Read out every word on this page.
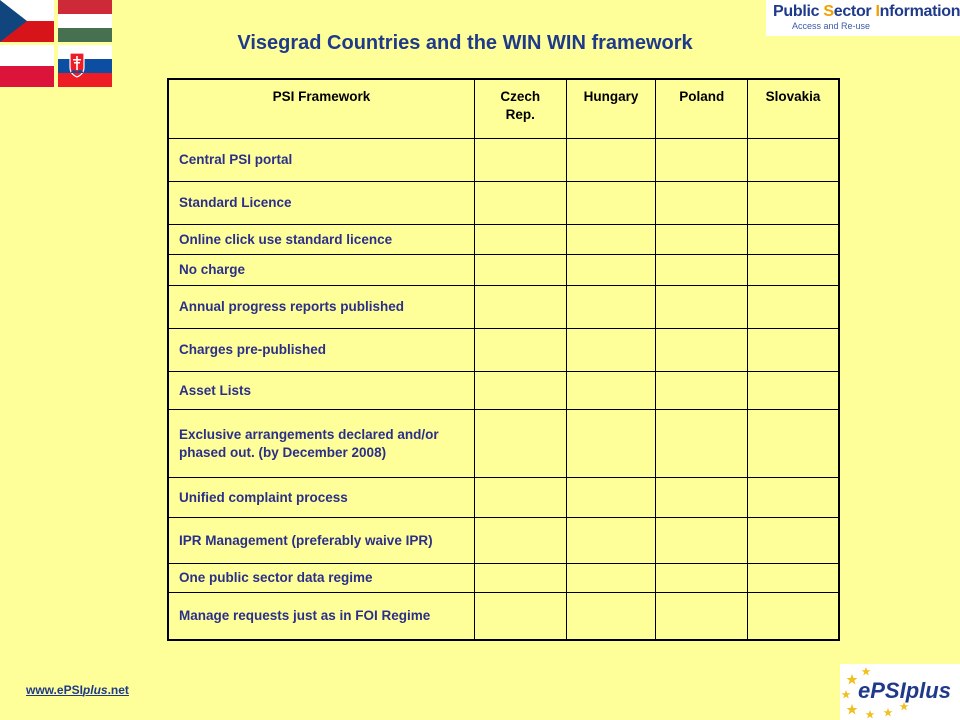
Public Sector Information
Access and Re-use
Visegrad Countries and the WIN WIN framework
PSI Framework	Czech Rep.	Hungary	Poland	Slovakia
Central PSI portal				
Standard Licence				
Online click use standard licence				
No charge				
Annual progress reports published				
Charges pre-published				
Asset Lists				
Exclusive arrangements declared and/or phased out. (by December 2008)				
Unified complaint process				
IPR Management (preferably waive IPR)				
One public sector data regime				
Manage requests just as in FOI Regime				
www.ePSIplus.net	ePSIplus
